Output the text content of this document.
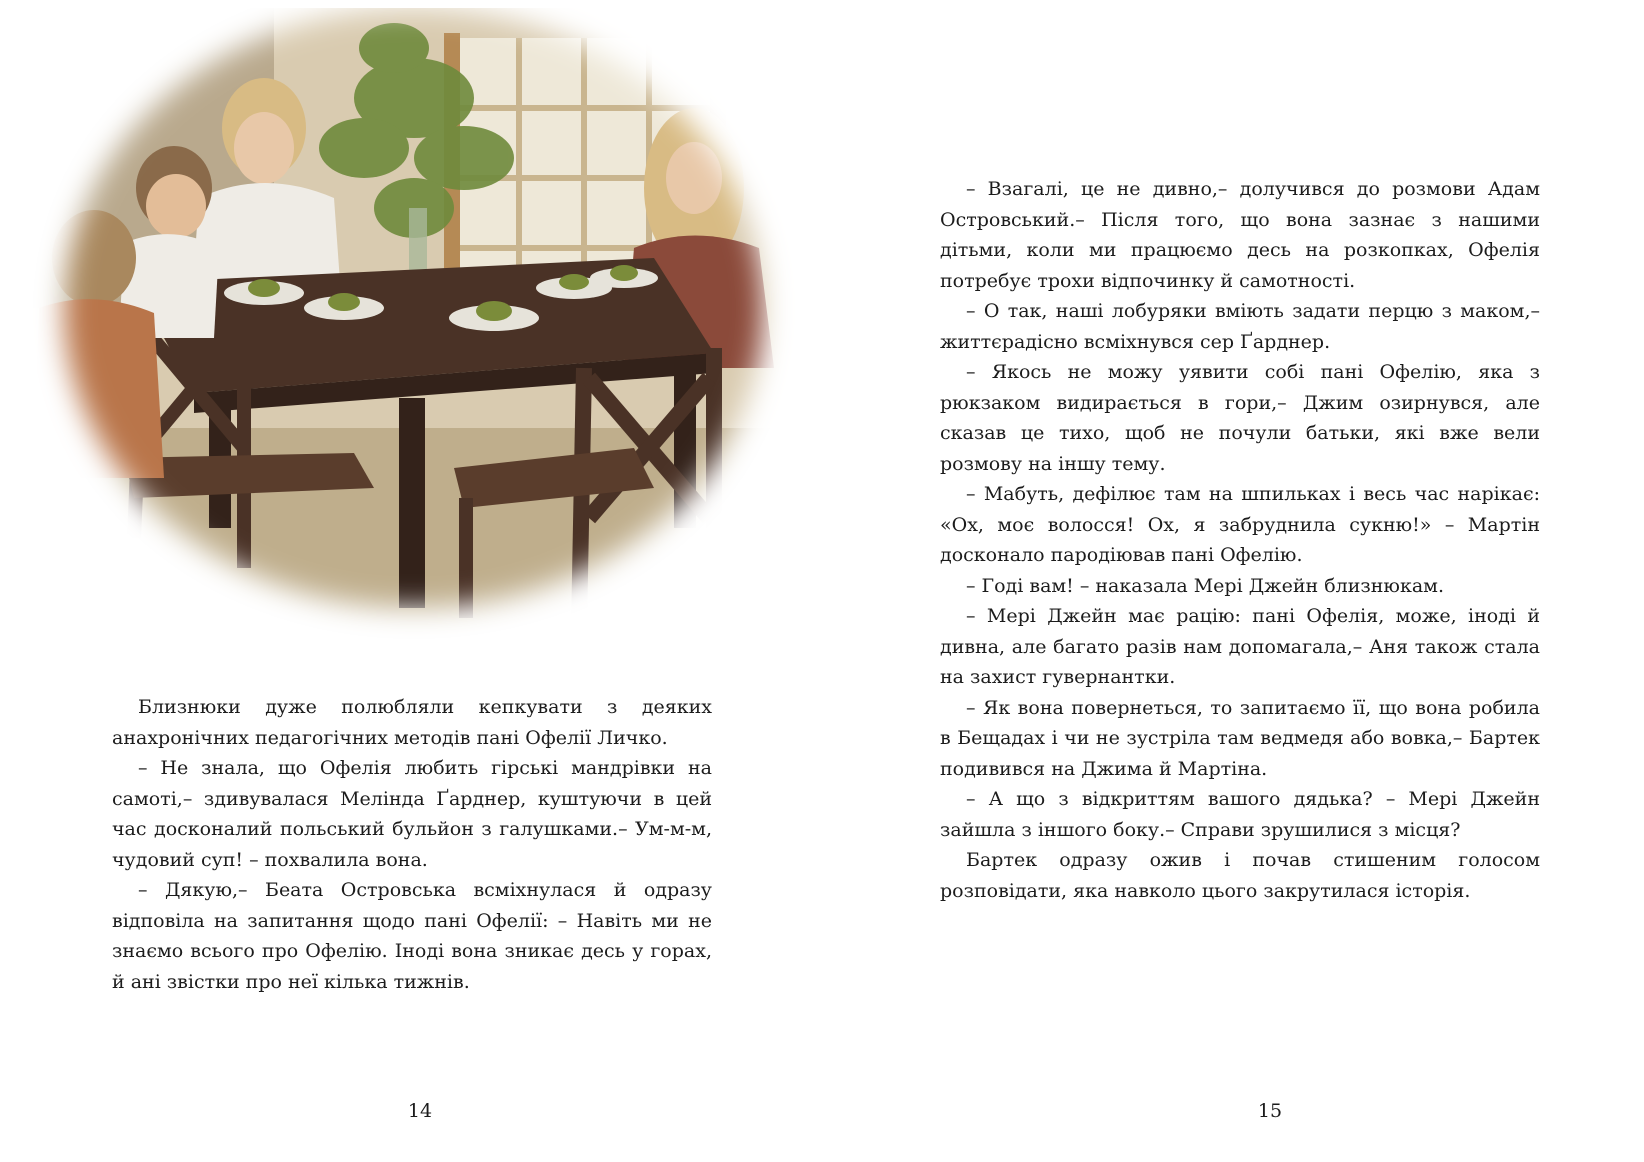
Близнюки дуже полюбляли кепкувати з деяких анахронічних педагогічних методів пані Офелії Личко.

– Не знала, що Офелія любить гірські мандрівки на самоті,– здивувалася Мелінда Ґарднер, куштуючи в цей час досконалий польський бульйон з галушками.– Ум-м-м, чудовий суп! – похвалила вона.

– Дякую,– Беата Островська всміхнулася й одразу відповіла на запитання щодо пані Офелії: – Навіть ми не знаємо всього про Офелію. Іноді вона зникає десь у горах, й ані звістки про неї кілька тижнів.

14

– Взагалі, це не дивно,– долучився до розмови Адам Островський.– Після того, що вона зазнає з нашими дітьми, коли ми працюємо десь на розкопках, Офелія потребує трохи відпочинку й самотності.

– О так, наші лобуряки вміють задати перцю з маком,– життєрадісно всміхнувся сер Ґарднер.

– Якось не можу уявити собі пані Офелію, яка з рюкзаком видирається в гори,– Джим озирнувся, але сказав це тихо, щоб не почули батьки, які вже вели розмову на іншу тему.

– Мабуть, дефілює там на шпильках і весь час нарікає: «Ох, моє волосся! Ох, я забруднила сукню!» – Мартін досконало пародіював пані Офелію.

– Годі вам! – наказала Мері Джейн близнюкам.

– Мері Джейн має рацію: пані Офелія, може, іноді й дивна, але багато разів нам допомагала,– Аня також стала на захист гувернантки.

– Як вона повернеться, то запитаємо її, що вона робила в Бещадах і чи не зустріла там ведмедя або вовка,– Бартек подивився на Джима й Мартіна.

– А що з відкриттям вашого дядька? – Мері Джейн зайшла з іншого боку.– Справи зрушилися з місця?

Бартек одразу ожив і почав стишеним голосом розповідати, яка навколо цього закрутилася історія.

15
